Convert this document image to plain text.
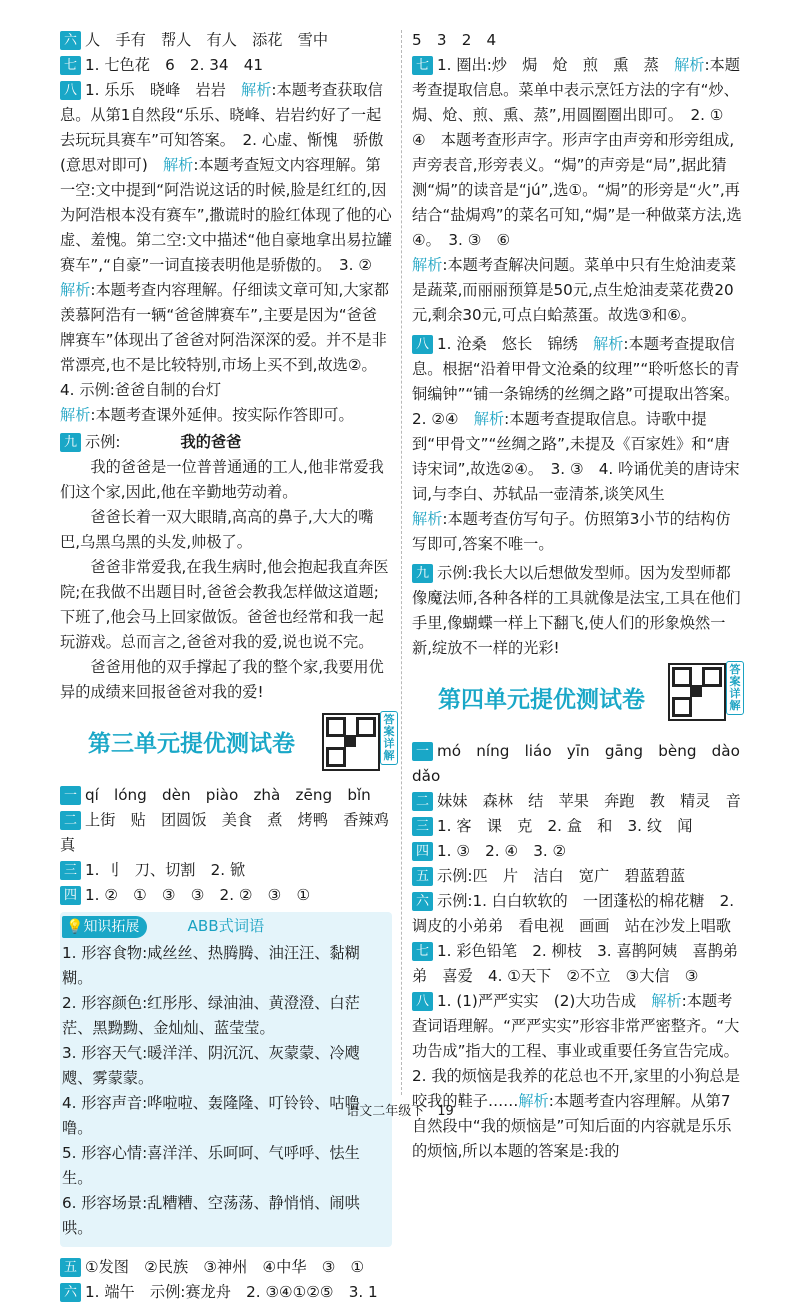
六 人　手有　帮人　有人　添花　雪中

七 1. 七色花　6　2. 34　41

八 1. 乐乐　晓峰　岩岩　解析:本题考查获取信息。从第1自然段“乐乐、晓峰、岩岩约好了一起去玩玩具赛车”可知答案。　2. 心虚、惭愧　骄傲(意思对即可)　解析:本题考查短文内容理解。第一空:文中提到“阿浩说这话的时候,脸是红红的,因为阿浩根本没有赛车”,撒谎时的脸红体现了他的心虚、羞愧。第二空:文中描述“他自豪地拿出易拉罐赛车”,“自豪”一词直接表明他是骄傲的。　3. ②　解析:本题考查内容理解。仔细读文章可知,大家都羡慕阿浩有一辆“爸爸牌赛车”,主要是因为“爸爸牌赛车”体现出了爸爸对阿浩深深的爱。并不是非常漂亮,也不是比较特别,市场上买不到,故选②。　4. 示例:爸爸自制的台灯
解析:本题考查课外延伸。按实际作答即可。

九 示例:	我的爸爸

我的爸爸是一位普普通通的工人,他非常爱我们这个家,因此,他在辛勤地劳动着。

爸爸长着一双大眼睛,高高的鼻子,大大的嘴巴,乌黑乌黑的头发,帅极了。

爸爸非常爱我,在我生病时,他会抱起我直奔医院;在我做不出题目时,爸爸会教我怎样做这道题;下班了,他会马上回家做饭。爸爸也经常和我一起玩游戏。总而言之,爸爸对我的爱,说也说不完。

爸爸用他的双手撑起了我的整个家,我要用优异的成绩来回报爸爸对我的爱!

第三单元提优测试卷
答案详解

一 qí　lóng　dèn　piào　zhà　zēng　bǐn

二 上街　贴　团圆饭　美食　煮　烤鸭　香辣鸡　真

三 1. 刂　刀、切割　2. 锨

四 1. ②　①　③　③　2. ②　③　①

💡知识拓展	ABB式词语

1. 形容食物:咸丝丝、热腾腾、油汪汪、黏糊糊。

2. 形容颜色:红彤彤、绿油油、黄澄澄、白茫茫、黑黝黝、金灿灿、蓝莹莹。

3. 形容天气:暖洋洋、阴沉沉、灰蒙蒙、冷飕飕、雾蒙蒙。

4. 形容声音:哗啦啦、轰隆隆、叮铃铃、咕噜噜。

5. 形容心情:喜洋洋、乐呵呵、气呼呼、怯生生。

6. 形容场景:乱糟糟、空荡荡、静悄悄、闹哄哄。

五 ①发图　②民族　③神州　④中华　③　①

六 1. 端午　示例:赛龙舟　2. ③④①②⑤　3. 1

5　3　2　4

七 1. 圈出:炒　焗　炝　煎　熏　蒸　解析:本题考查提取信息。菜单中表示烹饪方法的字有“炒、焗、炝、煎、熏、蒸”,用圆圈圈出即可。　2. ①　④　本题考查形声字。形声字由声旁和形旁组成,声旁表音,形旁表义。“焗”的声旁是“局”,据此猜测“焗”的读音是“jú”,选①。“焗”的形旁是“火”,再结合“盐焗鸡”的菜名可知,“焗”是一种做菜方法,选④。　3. ③　⑥
解析:本题考查解决问题。菜单中只有生炝油麦菜是蔬菜,而丽丽预算是50元,点生炝油麦菜花费20元,剩余30元,可点白蛤蒸蛋。故选③和⑥。

八 1. 沧桑　悠长　锦绣　解析:本题考查提取信息。根据“沿着甲骨文沧桑的纹理”“聆听悠长的青铜编钟”“铺一条锦绣的丝绸之路”可提取出答案。　2. ②④　解析:本题考查提取信息。诗歌中提到“甲骨文”“丝绸之路”,未提及《百家姓》和“唐诗宋词”,故选②④。　3. ③　4. 吟诵优美的唐诗宋词,与李白、苏轼品一壶清茶,谈笑风生
解析:本题考查仿写句子。仿照第3小节的结构仿写即可,答案不唯一。

九 示例:我长大以后想做发型师。因为发型师都像魔法师,各种各样的工具就像是法宝,工具在他们手里,像蝴蝶一样上下翻飞,使人们的形象焕然一新,绽放不一样的光彩!

第四单元提优测试卷
答案详解

一 mó　níng　liáo　yīn　gāng　bèng　dào　dǎo

二 妹妹　森林　结　苹果　奔跑　教　精灵　音

三 1. 客　课　克　2. 盒　和　3. 纹　闻

四 1. ③　2. ④　3. ②

五 示例:匹　片　洁白　宽广　碧蓝碧蓝

六 示例:1. 白白软软的　一团蓬松的棉花糖　2. 调皮的小弟弟　看电视　画画　站在沙发上唱歌

七 1. 彩色铅笔　2. 柳枝　3. 喜鹊阿姨　喜鹊弟弟　喜爱　4. ①天下　②不立　③大信　③

八 1. (1)严严实实　(2)大功告成　解析:本题考查词语理解。“严严实实”形容非常严密整齐。“大功告成”指大的工程、事业或重要任务宣告完成。　2. 我的烦恼是我养的花总也不开,家里的小狗总是咬我的鞋子……解析:本题考查内容理解。从第7自然段中“我的烦恼是”可知后面的内容就是乐乐的烦恼,所以本题的答案是:我的

语文二年级下　19
